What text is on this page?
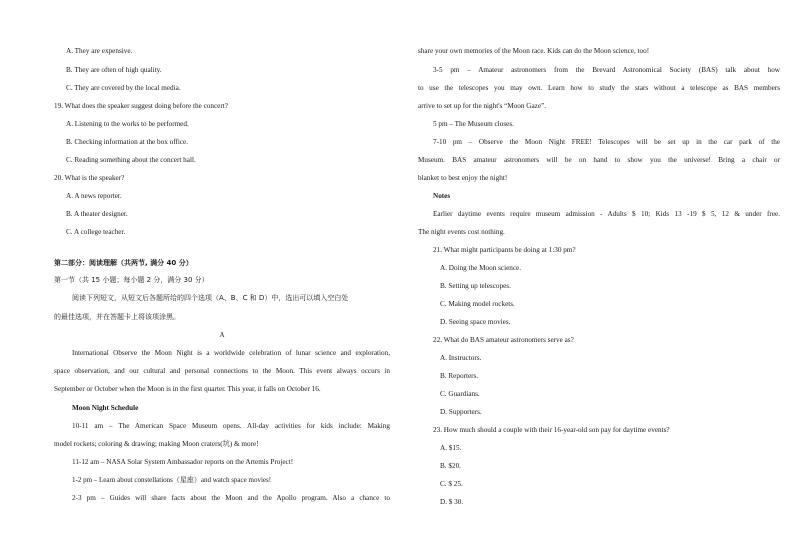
A. They are expensive.
B. They are often of high quality.
C. They are covered by the local media.
19. What does the speaker suggest doing before the concert?
A. Listening to the works to be performed.
B. Checking information at the box office.
C. Reading something about the concert hall.
20. What is the speaker?
A. A news reporter.
B. A theater designer.
C. A college teacher.
第二部分：阅读理解（共两节, 满分 40 分）
第一节（共 15 小题；每小题 2 分，满分 30 分）
阅读下列短文，从短文后各题所给的四个选项（A、B、C 和 D）中，选出可以填入空白处
的最佳选项，并在答题卡上将该项涂黑。
A
International Observe the Moon Night is a worldwide celebration of lunar science and exploration,
space observation, and our cultural and personal connections to the Moon. This event always occurs in
September or October when the Moon is in the first quarter. This year, it falls on October 16.
Moon Night Schedule
10-11 am – The American Space Museum opens. All-day activities for kids include: Making
model rockets; coloring & drawing; making Moon craters(坑) & more!
11-12 am – NASA Solar System Ambassador reports on the Artemis Project!
1-2 pm – Learn about constellations（星座）and watch space movies!
2-3 pm – Guides will share facts about the Moon and the Apollo program. Also a chance to
share your own memories of the Moon race. Kids can do the Moon science, too!
3-5 pm – Amateur astronomers from the Brevard Astronomical Society (BAS) talk about how
to use the telescopes you may own. Learn how to study the stars without a telescope as BAS members
arrive to set up for the night's “Moon Gaze”.
5 pm – The Museum closes.
7-10 pm – Observe the Moon Night FREE! Telescopes will be set up in the car park of the
Museum. BAS amateur astronomers will be on hand to show you the universe! Bring a chair or
blanket to best enjoy the night!
Notes
Earlier daytime events require museum admission - Adults $ 10; Kids 13 -19 $ 5, 12 & under free.
The night events cost nothing.
21. What might participants be doing at 1:30 pm?
A. Doing the Moon science.
B. Setting up telescopes.
C. Making model rockets.
D. Seeing space movies.
22. What do BAS amateur astronomers serve as?
A. Instructors.
B. Reporters.
C. Guardians.
D. Supporters.
23. How much should a couple with their 16-year-old son pay for daytime events?
A. $15.
B. $20.
C. $ 25.
D. $ 30.
